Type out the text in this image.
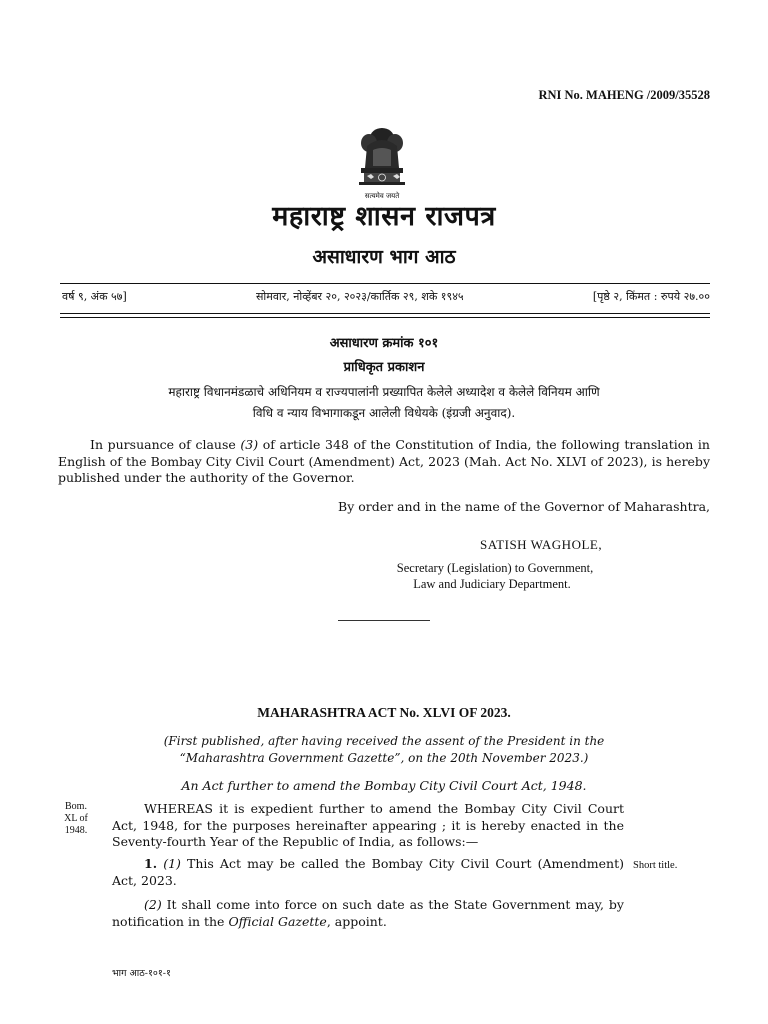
RNI No. MAHENG /2009/35528
सत्यमेव जयते
महाराष्ट्र शासन राजपत्र
असाधारण भाग आठ
वर्ष ९, अंक ५७]	सोमवार, नोव्हेंबर २०, २०२३/कार्तिक २९, शके १९४५	[पृष्ठे २, किंमत : रुपये २७.००
असाधारण क्रमांक १०१
प्राधिकृत प्रकाशन
महाराष्ट्र विधानमंडळाचे अधिनियम व राज्यपालांनी प्रख्यापित केलेले अध्यादेश व केलेले विनियम आणि
विधि व न्याय विभागाकडून आलेली विधेयके (इंग्रजी अनुवाद).
In pursuance of clause (3) of article 348 of the Constitution of India, the following translation in English of the Bombay City Civil Court (Amendment) Act, 2023 (Mah. Act No. XLVI of 2023), is hereby published under the authority of the Governor.
By order and in the name of the Governor of Maharashtra,
SATISH WAGHOLE,
Secretary (Legislation) to Government,
Law and Judiciary Department.
MAHARASHTRA ACT No. XLVI OF 2023.
(First published, after having received the assent of the President in the
“Maharashtra Government Gazette”, on the 20th November 2023.)
An Act further to amend the Bombay City Civil Court Act, 1948.
Bom.
XL of
1948.
WHEREAS it is expedient further to amend the Bombay City Civil Court Act, 1948, for the purposes hereinafter appearing ; it is hereby enacted in the Seventy-fourth Year of the Republic of India, as follows:—
1. (1) This Act may be called the Bombay City Civil Court (Amendment) Act, 2023.
Short title.
(2) It shall come into force on such date as the State Government may, by notification in the Official Gazette, appoint.
भाग आठ-१०१-१
